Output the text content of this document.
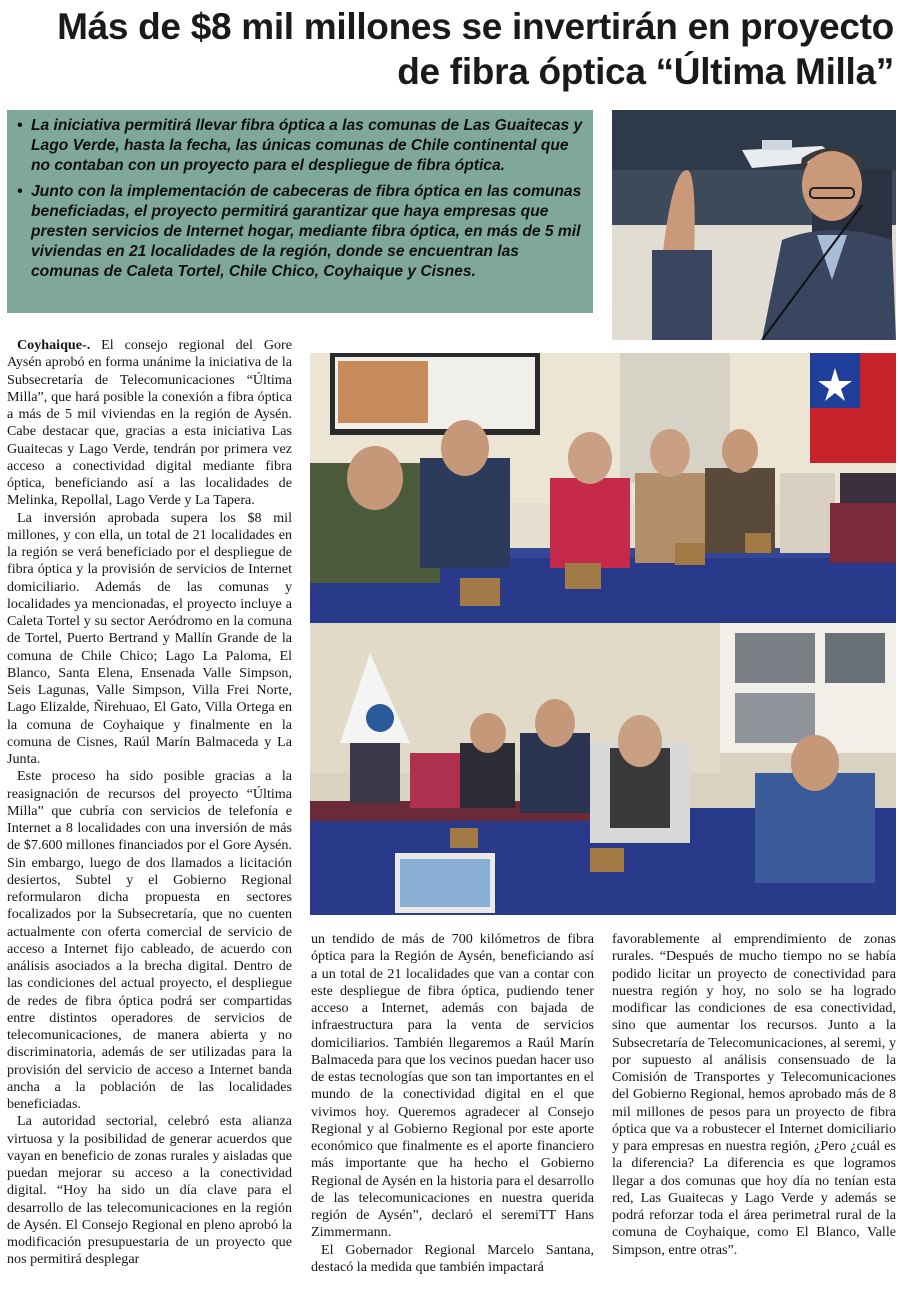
Más de $8 mil millones se invertirán en proyecto
de fibra óptica “Última Milla”
• La iniciativa permitirá llevar fibra óptica a las comunas de Las Guaitecas y Lago Verde, hasta la fecha, las únicas comunas de Chile continental que no contaban con un proyecto para el despliegue de fibra óptica.
• Junto con la implementación de cabeceras de fibra óptica en las comunas beneficiadas, el proyecto permitirá garantizar que haya empresas que presten servicios de Internet hogar, mediante fibra óptica, en más de 5 mil viviendas en 21 localidades de la región, donde se encuentran las comunas de Caleta Tortel, Chile Chico, Coyhaique y Cisnes.

Coyhaique-. El consejo regional del Gore Aysén aprobó en forma unánime la iniciativa de la Subsecretaría de Telecomunicaciones “Última Milla”, que hará posible la conexión a fibra óptica a más de 5 mil viviendas en la región de Aysén. Cabe destacar que, gracias a esta iniciativa Las Guaitecas y Lago Verde, tendrán por primera vez acceso a conectividad digital mediante fibra óptica, beneficiando así a las localidades de Melinka, Repollal, Lago Verde y La Tapera.

La inversión aprobada supera los $8 mil millones, y con ella, un total de 21 localidades en la región se verá beneficiado por el despliegue de fibra óptica y la provisión de servicios de Internet domiciliario. Además de las comunas y localidades ya mencionadas, el proyecto incluye a Caleta Tortel y su sector Aeródromo en la comuna de Tortel, Puerto Bertrand y Mallín Grande de la comuna de Chile Chico; Lago La Paloma, El Blanco, Santa Elena, Ensenada Valle Simpson, Seis Lagunas, Valle Simpson, Villa Frei Norte, Lago Elizalde, Ñirehuao, El Gato, Villa Ortega en la comuna de Coyhaique y finalmente en la comuna de Cisnes, Raúl Marín Balmaceda y La Junta.

Este proceso ha sido posible gracias a la reasignación de recursos del proyecto “Última Milla” que cubría con servicios de telefonía e Internet a 8 localidades con una inversión de más de $7.600 millones financiados por el Gore Aysén. Sin embargo, luego de dos llamados a licitación desiertos, Subtel y el Gobierno Regional reformularon dicha propuesta en sectores focalizados por la Subsecretaría, que no cuenten actualmente con oferta comercial de servicio de acceso a Internet fijo cableado, de acuerdo con análisis asociados a la brecha digital. Dentro de las condiciones del actual proyecto, el despliegue de redes de fibra óptica podrá ser compartidas entre distintos operadores de servicios de telecomunicaciones, de manera abierta y no discriminatoria, además de ser utilizadas para la provisión del servicio de acceso a Internet banda ancha a la población de las localidades beneficiadas.

La autoridad sectorial, celebró esta alianza virtuosa y la posibilidad de generar acuerdos que vayan en beneficio de zonas rurales y aisladas que puedan mejorar su acceso a la conectividad digital. “Hoy ha sido un día clave para el desarrollo de las telecomunicaciones en la región de Aysén. El Consejo Regional en pleno aprobó la modificación presupuestaria de un proyecto que nos permitirá desplegar

un tendido de más de 700 kilómetros de fibra óptica para la Región de Aysén, beneficiando así a un total de 21 localidades que van a contar con este despliegue de fibra óptica, pudiendo tener acceso a Internet, además con bajada de infraestructura para la venta de servicios domiciliarios. También llegaremos a Raúl Marín Balmaceda para que los vecinos puedan hacer uso de estas tecnologías que son tan importantes en el mundo de la conectividad digital en el que vivimos hoy. Queremos agradecer al Consejo Regional y al Gobierno Regional por este aporte económico que finalmente es el aporte financiero más importante que ha hecho el Gobierno Regional de Aysén en la historia para el desarrollo de las telecomunicaciones en nuestra querida región de Aysén”, declaró el seremiTT Hans Zimmermann.

El Gobernador Regional Marcelo Santana, destacó la medida que también impactará

favorablemente al emprendimiento de zonas rurales. “Después de mucho tiempo no se había podido licitar un proyecto de conectividad para nuestra región y hoy, no solo se ha logrado modificar las condiciones de esa conectividad, sino que aumentar los recursos. Junto a la Subsecretaría de Telecomunicaciones, al seremi, y por supuesto al análisis consensuado de la Comisión de Transportes y Telecomunicaciones del Gobierno Regional, hemos aprobado más de 8 mil millones de pesos para un proyecto de fibra óptica que va a robustecer el Internet domiciliario y para empresas en nuestra región, ¿Pero ¿cuál es la diferencia? La diferencia es que logramos llegar a dos comunas que hoy día no tenían esta red, Las Guaitecas y Lago Verde y además se podrá reforzar toda el área perimetral rural de la comuna de Coyhaique, como El Blanco, Valle Simpson, entre otras”.
